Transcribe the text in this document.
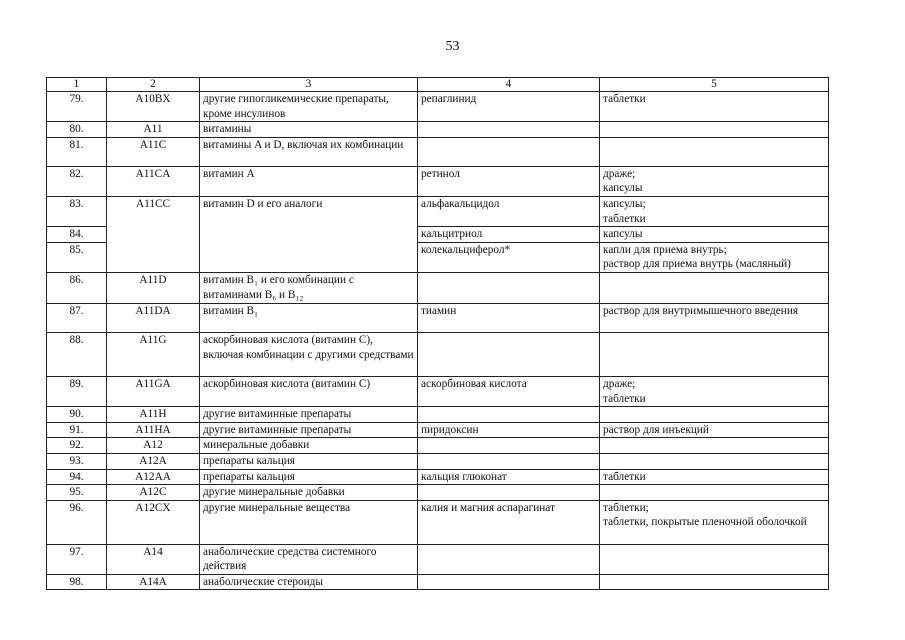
53
1	2	3	4	5
79.	A10BX	другие гипогликемические препараты, кроме инсулинов	репаглинид	таблетки
80.	A11	витамины		
81.	A11C	витамины A и D, включая их комбинации		
82.	A11CA	витамин A	ретинол	драже;
капсулы
83.	A11CC	витамин D и его аналоги	альфакальцидол	капсулы;
таблетки
84.			кальцитриол	капсулы
85.			колекальциферол*	капли для приема внутрь;
раствор для приема внутрь (масляный)
86.	A11D	витамин B₁ и его комбинации с витаминами B₆ и B₁₂		
87.	A11DA	витамин B₁	тиамин	раствор для внутримышечного введения
88.	A11G	аскорбиновая кислота (витамин C), включая комбинации с другими средствами		
89.	A11GA	аскорбиновая кислота (витамин C)	аскорбиновая кислота	драже;
таблетки
90.	A11H	другие витаминные препараты		
91.	A11HA	другие витаминные препараты	пиридоксин	раствор для инъекций
92.	A12	минеральные добавки		
93.	A12A	препараты кальция		
94.	A12AA	препараты кальция	кальция глюконат	таблетки
95.	A12C	другие минеральные добавки		
96.	A12CX	другие минеральные вещества	калия и магния аспарагинат	таблетки;
таблетки, покрытые пленочной оболочкой
97.	A14	анаболические средства системного действия		
98.	A14A	анаболические стероиды		
